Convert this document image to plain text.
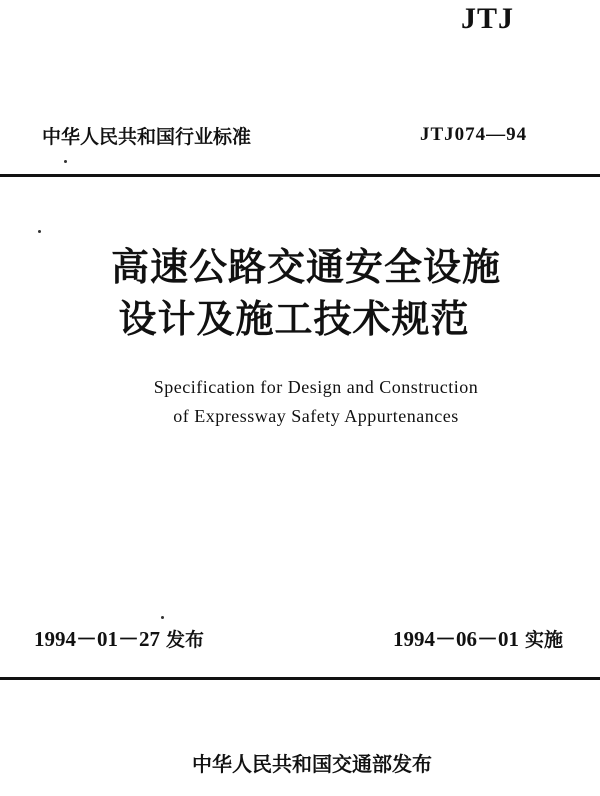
JTJ
中华人民共和国行业标准	JTJ074—94
高速公路交通安全设施
设计及施工技术规范
Specification for Design and Construction
of Expressway Safety Appurtenances
1994－01－27 发布	1994－06－01 实施
中华人民共和国交通部发布
